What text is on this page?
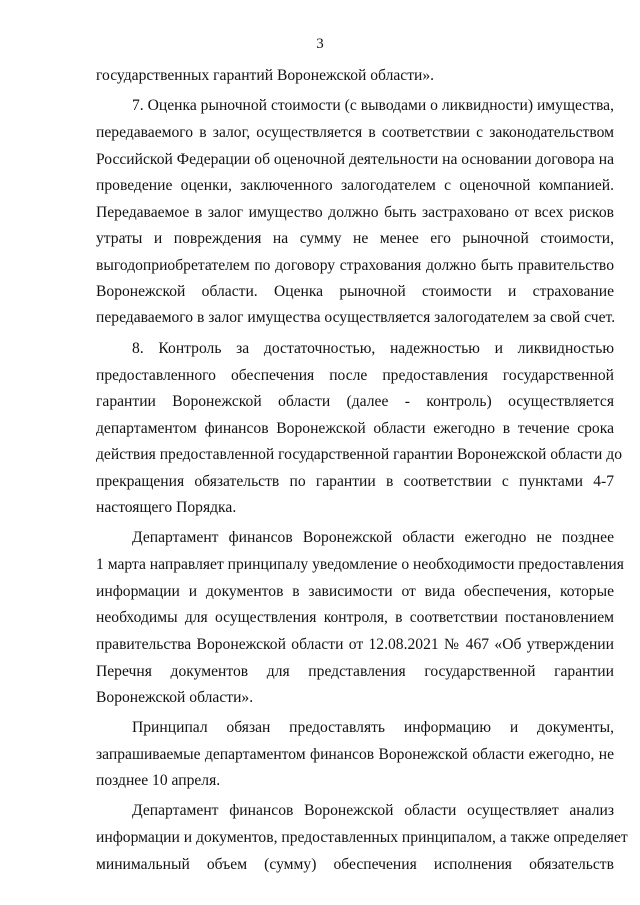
3
государственных гарантий Воронежской области».
7. Оценка рыночной стоимости (с выводами о ликвидности) имущества,
передаваемого в залог, осуществляется в соответствии с законодательством
Российской Федерации об оценочной деятельности на основании договора на
проведение оценки, заключенного залогодателем с оценочной компанией.
Передаваемое в залог имущество должно быть застраховано от всех рисков
утраты и повреждения на сумму не менее его рыночной стоимости,
выгодоприобретателем по договору страхования должно быть правительство
Воронежской области. Оценка рыночной стоимости и страхование
передаваемого в залог имущества осуществляется залогодателем за свой счет.
8. Контроль за достаточностью, надежностью и ликвидностью
предоставленного обеспечения после предоставления государственной
гарантии Воронежской области (далее - контроль) осуществляется
департаментом финансов Воронежской области ежегодно в течение срока
действия предоставленной государственной гарантии Воронежской области до
прекращения обязательств по гарантии в соответствии с пунктами 4-7
настоящего Порядка.
Департамент финансов Воронежской области ежегодно не позднее
1 марта направляет принципалу уведомление о необходимости предоставления
информации и документов в зависимости от вида обеспечения, которые
необходимы для осуществления контроля, в соответствии постановлением
правительства Воронежской области от 12.08.2021 № 467 «Об утверждении
Перечня документов для представления государственной гарантии
Воронежской области».
Принципал обязан предоставлять информацию и документы,
запрашиваемые департаментом финансов Воронежской области ежегодно, не
позднее 10 апреля.
Департамент финансов Воронежской области осуществляет анализ
информации и документов, предоставленных принципалом, а также определяет
минимальный объем (сумму) обеспечения исполнения обязательств
